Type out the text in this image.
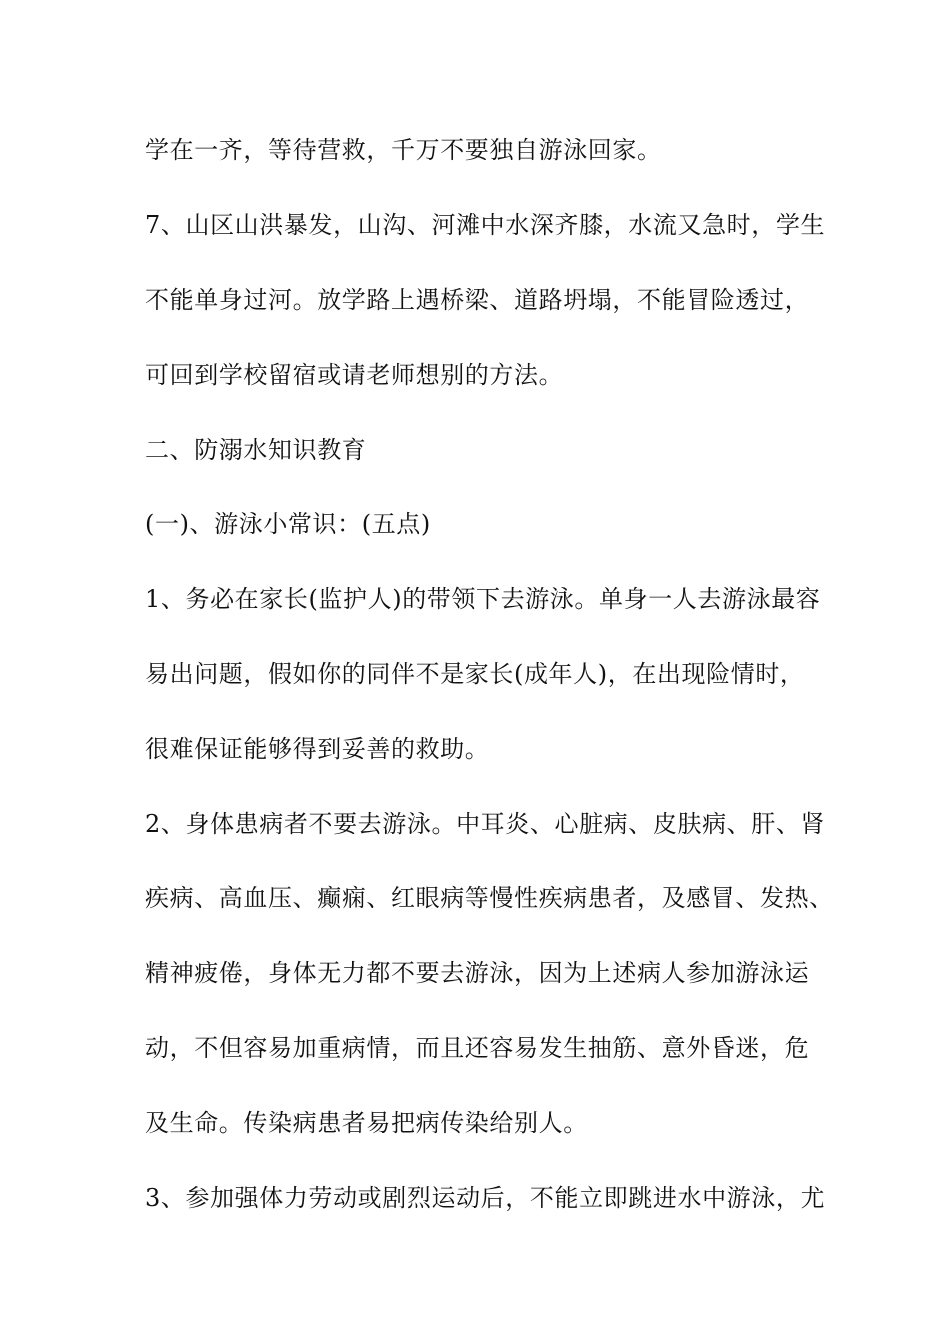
学在一齐，等待营救，千万不要独自游泳回家。

7、山区山洪暴发，山沟、河滩中水深齐膝，水流又急时，学生

不能单身过河。放学路上遇桥梁、道路坍塌，不能冒险透过，

可回到学校留宿或请老师想别的方法。

二、防溺水知识教育

(一)、游泳小常识：(五点)

1、务必在家长(监护人)的带领下去游泳。单身一人去游泳最容

易出问题，假如你的同伴不是家长(成年人)，在出现险情时，

很难保证能够得到妥善的救助。

2、身体患病者不要去游泳。中耳炎、心脏病、皮肤病、肝、肾

疾病、高血压、癫痫、红眼病等慢性疾病患者，及感冒、发热、

精神疲倦，身体无力都不要去游泳，因为上述病人参加游泳运

动，不但容易加重病情，而且还容易发生抽筋、意外昏迷，危

及生命。传染病患者易把病传染给别人。

3、参加强体力劳动或剧烈运动后，不能立即跳进水中游泳，尤
